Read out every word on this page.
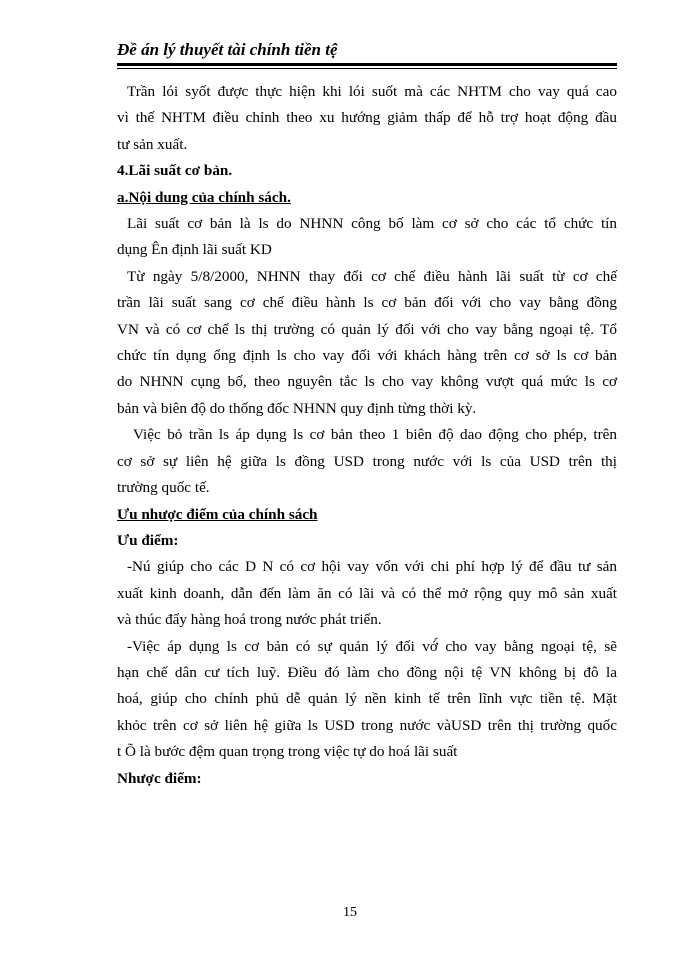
Đề án lý thuyết tài chính tiền tệ
Trần lói syốt được thực hiện khi lói suốt mà các NHTM cho vay quá cao
vì thế NHTM điều chỉnh theo xu hướng giảm thấp để hỗ trợ hoạt động đầu
tư sản xuất.
4.Lãi suất cơ bản.
a.Nội dung của chính sách.
Lãi suất cơ bản là ls do NHNN công bố làm cơ sở cho các tổ chức tín
dụng Ên định lãi suất KD
Từ ngày 5/8/2000, NHNN thay đổi cơ chế điều hành lãi suất từ cơ chế
trần lãi suất sang cơ chế điều hành ls cơ bản đối với cho vay bằng đồng
VN và có cơ chế ls thị trường có quản lý đối với cho vay bằng ngoại tệ. Tổ
chức tín dụng ổng định ls cho vay đối với khách hàng trên cơ sở ls cơ bản
do NHNN cụng bố, theo nguyên tắc ls cho vay không vượt quá mức ls cơ
bản và biên độ do thống đốc NHNN quy định từng thời kỳ.
Việc bỏ trần ls áp dụng ls cơ bản theo 1 biên độ dao động cho phép, trên
cơ sở sự liên hệ giữa ls đồng USD trong nước với ls của USD trên thị
trường quốc tế.
Ưu nhược điểm của chính sách
Ưu điểm:
-Nú giúp cho các D N có cơ hội vay vốn với chi phí hợp lý để đầu tư sản
xuất kinh doanh, dẫn đến làm ăn có lãi và có thể mở rộng quy mô sản xuất
và thúc đẩy hàng hoá trong nước phát triển.
-Việc áp dụng ls cơ bản có sự quản lý đối vớ́ cho vay bằng ngoại tệ, sẽ
hạn chế dân cư tích luỹ. Điều đó làm cho đồng nội tệ VN không bị đô la
hoá, giúp cho chính phủ dễ quản lý nền kinh tế trên lĩnh vực tiền tệ. Mặt
khỏc trên cơ sở liên hệ giữa ls USD trong nước vàUSD trên thị trường quốc
t Õ là bước đệm quan trọng trong việc tự do hoá lãi suất
Nhược điểm:
15
